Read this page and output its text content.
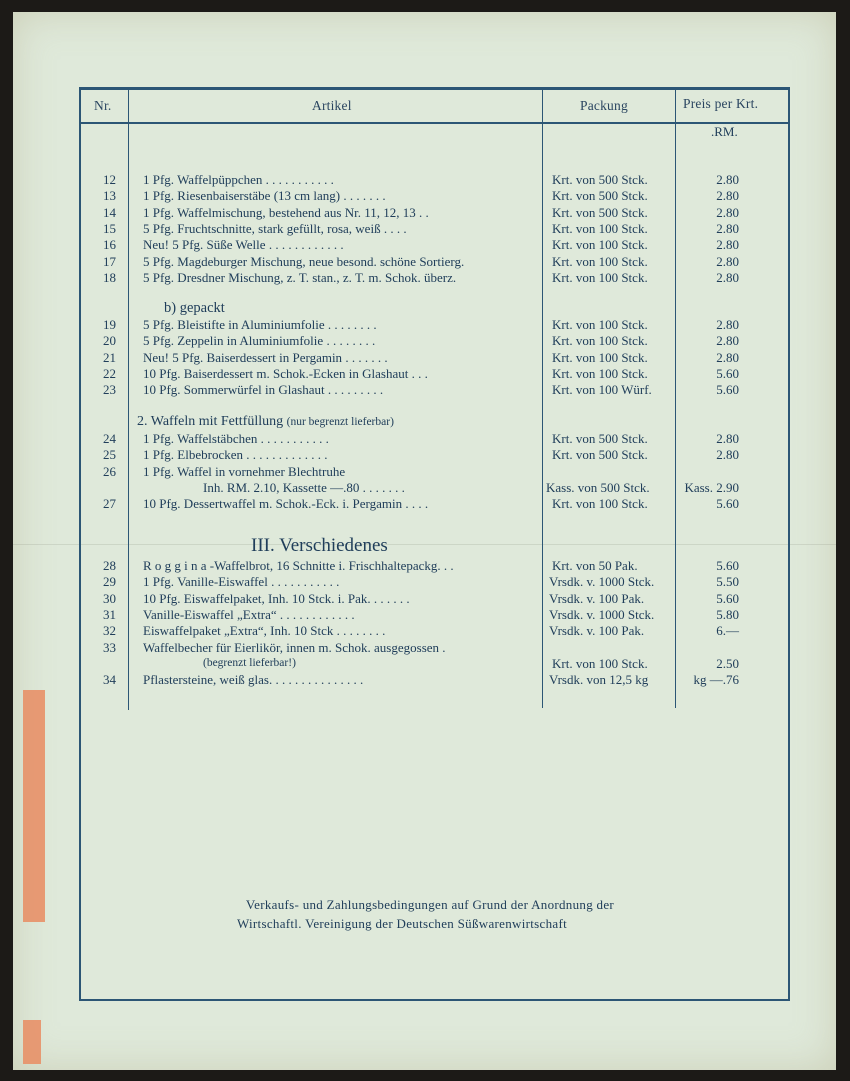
Nr.	Artikel	Packung	Preis per Krt.
.RM.
12 1 Pfg. Waffelpüppchen . . . . . . . . . . .	Krt. von 500 Stck.	2.80
13 1 Pfg. Riesenbaiserstäbe (13 cm lang) . . . . . . .	Krt. von 500 Stck.	2.80
14 1 Pfg. Waffelmischung, bestehend aus Nr. 11, 12, 13 . .	Krt. von 500 Stck.	2.80
15 5 Pfg. Fruchtschnitte, stark gefüllt, rosa, weiß . . . .	Krt. von 100 Stck.	2.80
16 Neu! 5 Pfg. Süße Welle . . . . . . . . . . . .	Krt. von 100 Stck.	2.80
17 5 Pfg. Magdeburger Mischung, neue besond. schöne Sortierg.	Krt. von 100 Stck.	2.80
18 5 Pfg. Dresdner Mischung, z. T. stan., z. T. m. Schok. überz.	Krt. von 100 Stck.	2.80
b) gepackt
19 5 Pfg. Bleistifte in Aluminiumfolie . . . . . . . .	Krt. von 100 Stck.	2.80
20 5 Pfg. Zeppelin in Aluminiumfolie . . . . . . . .	Krt. von 100 Stck.	2.80
21 Neu! 5 Pfg. Baiserdessert in Pergamin . . . . . . .	Krt. von 100 Stck.	2.80
22 10 Pfg. Baiserdessert m. Schok.-Ecken in Glashaut . . .	Krt. von 100 Stck.	5.60
23 10 Pfg. Sommerwürfel in Glashaut . . . . . . . . .	Krt. von 100 Würf.	5.60
2. Waffeln mit Fettfüllung (nur begrenzt lieferbar)
24 1 Pfg. Waffelstäbchen . . . . . . . . . . .	Krt. von 500 Stck.	2.80
25 1 Pfg. Elbebrocken . . . . . . . . . . . . .	Krt. von 500 Stck.	2.80
26 1 Pfg. Waffel in vornehmer Blechtruhe
Inh. RM. 2.10, Kassette —.80 . . . . . . .	Kass. von 500 Stck.	Kass. 2.90
27 10 Pfg. Dessertwaffel m. Schok.-Eck. i. Pergamin . . . .	Krt. von 100 Stck.	5.60
III. Verschiedenes
28 R o g g i n a -Waffelbrot, 16 Schnitte i. Frischhaltepackg. . .	Krt. von 50 Pak.	5.60
29 1 Pfg. Vanille-Eiswaffel . . . . . . . . . . .	Vrsdk. v. 1000 Stck.	5.50
30 10 Pfg. Eiswaffelpaket, Inh. 10 Stck. i. Pak. . . . . . .	Vrsdk. v. 100 Pak.	5.60
31 Vanille-Eiswaffel „Extra“ . . . . . . . . . . . .	Vrsdk. v. 1000 Stck.	5.80
32 Eiswaffelpaket „Extra“, Inh. 10 Stck . . . . . . . .	Vrsdk. v. 100 Pak.	6.—
33 Waffelbecher für Eierlikör, innen m. Schok. ausgegossen .
(begrenzt lieferbar!)	Krt. von 100 Stck.	2.50
34 Pflastersteine, weiß glas. . . . . . . . . . . . . . .	Vrsdk. von 12,5 kg	kg —.76
Verkaufs- und Zahlungsbedingungen auf Grund der Anordnung der
Wirtschaftl. Vereinigung der Deutschen Süßwarenwirtschaft
